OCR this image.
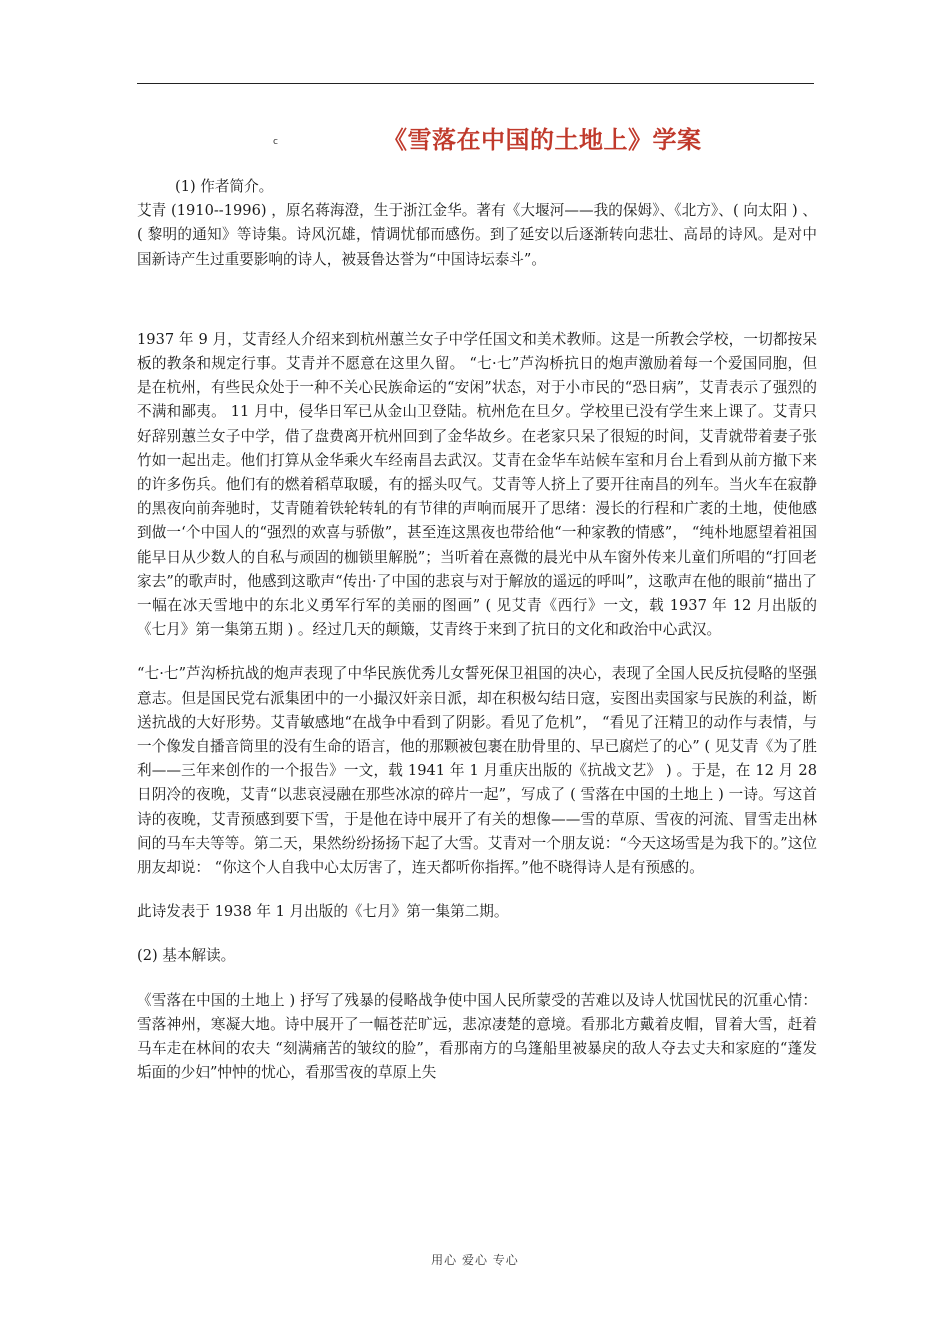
c	《雪落在中国的土地上》学案

(1) 作者简介。

艾青 (1910--1996) ，原名蒋海澄，生于浙江金华。著有《大堰河——我的保姆》、《北方》、( 向太阳 ) 、( 黎明的通知》等诗集。诗风沉雄，情调忧郁而感伤。到了延安以后逐渐转向悲壮、高昂的诗风。是对中国新诗产生过重要影响的诗人，被聂鲁达誉为“中国诗坛泰斗”。

1937 年 9 月，艾青经人介绍来到杭州蕙兰女子中学任国文和美术教师。这是一所教会学校，一切都按呆板的教条和规定行事。艾青并不愿意在这里久留。 “七·七”芦沟桥抗日的炮声激励着每一个爱国同胞，但是在杭州，有些民众处于一种不关心民族命运的“安闲”状态，对于小市民的“恐日病”，艾青表示了强烈的不满和鄙夷。 11 月中，侵华日军已从金山卫登陆。杭州危在旦夕。学校里已没有学生来上课了。艾青只好辞别蕙兰女子中学，借了盘费离开杭州回到了金华故乡。在老家只呆了很短的时间，艾青就带着妻子张竹如一起出走。他们打算从金华乘火车经南昌去武汉。艾青在金华车站候车室和月台上看到从前方撤下来的许多伤兵。他们有的燃着稻草取暖，有的摇头叹气。艾青等人挤上了要开往南昌的列车。当火车在寂静的黑夜向前奔驰时，艾青随着铁轮转轧的有节律的声响而展开了思绪：漫长的行程和广袤的土地，使他感到做一‘个中国人的“强烈的欢喜与骄傲”，甚至连这黑夜也带给他“一种家教的情感”， “纯朴地愿望着祖国能早日从少数人的自私与顽固的枷锁里解脱”；当听着在熹微的晨光中从车窗外传来儿童们所唱的“打回老家去”的歌声时，他感到这歌声“传出·了中国的悲哀与对于解放的遥远的呼叫”，这歌声在他的眼前“描出了一幅在冰天雪地中的东北义勇军行军的美丽的图画” ( 见艾青《西行》一文，载 1937 年 12 月出版的《七月》第一集第五期 ) 。经过几天的颠簸，艾青终于来到了抗日的文化和政治中心武汉。

“七·七”芦沟桥抗战的炮声表现了中华民族优秀儿女誓死保卫祖国的决心，表现了全国人民反抗侵略的坚强意志。但是国民党右派集团中的一小撮汉奸亲日派，却在积极勾结日寇，妄图出卖国家与民族的利益，断送抗战的大好形势。艾青敏感地“在战争中看到了阴影。看见了危机”， “看见了汪精卫的动作与表情，与一个像发自播音筒里的没有生命的语言，他的那颗被包裹在肋骨里的、早已腐烂了的心” ( 见艾青《为了胜利——三年来创作的一个报告》一文，载 1941 年 1 月重庆出版的《抗战文艺》 ) 。于是，在 12 月 28 日阴冷的夜晚，艾青“以悲哀浸融在那些冰凉的碎片一起”，写成了 ( 雪落在中国的土地上 ) 一诗。写这首诗的夜晚，艾青预感到要下雪，于是他在诗中展开了有关的想像——雪的草原、雪夜的河流、冒雪走出林间的马车夫等等。第二天，果然纷纷扬扬下起了大雪。艾青对一个朋友说：“今天这场雪是为我下的。”这位朋友却说： “你这个人自我中心太厉害了，连天都听你指挥。”他不晓得诗人是有预感的。

此诗发表于 1938 年 1 月出版的《七月》第一集第二期。

(2) 基本解读。

《雪落在中国的土地上 ) 抒写了残暴的侵略战争使中国人民所蒙受的苦难以及诗人忧国忧民的沉重心情： 雪落神州，寒凝大地。诗中展开了一幅苍茫旷远，悲凉凄楚的意境。看那北方戴着皮帽，冒着大雪，赶着马车走在林间的农夫 “刻满痛苦的皱纹的脸”，看那南方的乌篷船里被暴戾的敌人夺去丈夫和家庭的“蓬发垢面的少妇”忡忡的忧心，看那雪夜的草原上失

用心 爱心 专心
